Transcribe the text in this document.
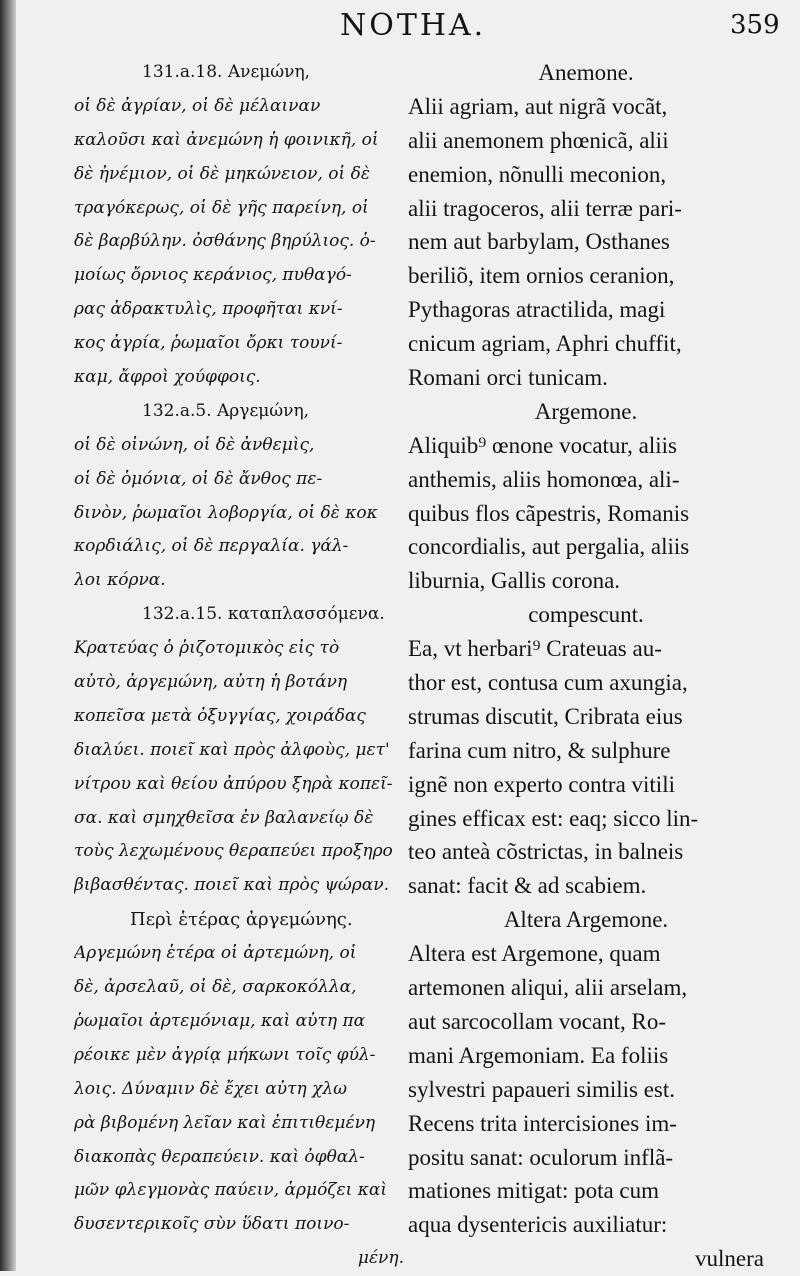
NOTHA.	359
131.a.18. Ανεμώνη,
οἱ δὲ ἀγρίαν, οἱ δὲ μέλαιναν
καλοῦσι καὶ ἀνεμώνη ἡ φοινικῆ, οἱ
δὲ ἠνέμιον, οἱ δὲ μηκώνειον, οἱ δὲ
τραγόκερως, οἱ δὲ γῆς παρείνη, οἱ
δὲ βαρβύλην. ὀσθάνης βηρύλιος. ὁ-
μοίως ὄρνιος κεράνιος, πυθαγό-
ρας ἀδρακτυλὶς, προφῆται κνί-
κος ἀγρία, ῥωμαῖοι ὄρκι τουνί-
καμ, ἄφροὶ χούφφοις.
132.a.5. Αργεμώνη,
οἱ δὲ οἰνώνη, οἱ δὲ ἀνθεμὶς,
οἱ δὲ ὁμόνια, οἱ δὲ ἄνθος πε-
δινὸν, ῥωμαῖοι λοβοργία, οἱ δὲ κοκ
κορδιάλις, οἱ δὲ περγαλία. γάλ-
λοι κόρνα.
132.a.15. καταπλασσόμενα.
Κρατεύας ὁ ῥιζοτομικὸς εἰς τὸ
αὐτὸ, ἀργεμώνη, αὐτη ἡ βοτάνη
κοπεῖσα μετὰ ὀξυγγίας, χοιράδας
διαλύει. ποιεῖ καὶ πρὸς ἀλφοὺς, μετ'
νίτρου καὶ θείου ἀπύρου ξηρὰ κοπεῖ-
σα. καὶ σμηχθεῖσα ἐν βαλανείῳ δὲ
τοὺς λεχωμένους θεραπεύει προξηρο
βιβασθέντας. ποιεῖ καὶ πρὸς ψώραν.
Περὶ ἑτέρας ἀργεμώνης.
Αργεμώνη ἑτέρα οἱ ἀρτεμώνη, οἱ
δὲ, ἀρσελαῦ, οἱ δὲ, σαρκοκόλλα,
ῥωμαῖοι ἀρτεμόνιαμ, καὶ αὐτη πα
ρέοικε μὲν ἀγρίᾳ μήκωνι τοῖς φύλ-
λοις. Δύναμιν δὲ ἔχει αὐτη χλω
ρὰ βιβομένη λεῖαν καὶ ἐπιτιθεμένη
διακοπὰς θεραπεύειν. καὶ ὀφθαλ-
μῶν φλεγμονὰς παύειν, ἁρμόζει καὶ
δυσεντερικοῖς σὺν ὕδατι ποινο-
μένη.
Anemone.
Alii agriam, aut nigrã vocãt,
alii anemonem phœnicã, alii
enemion, nõnulli meconion,
alii tragoceros, alii terræ pari-
nem aut barbylam, Osthanes
beriliõ, item ornios ceranion,
Pythagoras atractilida, magi
cnicum agriam, Aphri chuffit,
Romani orci tunicam.
Argemone.
Aliquib⁹ œnone vocatur, aliis
anthemis, aliis homonœa, ali-
quibus flos cãpestris, Romanis
concordialis, aut pergalia, aliis
liburnia, Gallis corona.
compescunt.
Ea, vt herbari⁹ Crateuas au-
thor est, contusa cum axungia,
strumas discutit, Cribrata eius
farina cum nitro, & sulphure
ignẽ non experto contra vitili
gines efficax est: eaq; sicco lin-
teo anteà cõstrictas, in balneis
sanat: facit & ad scabiem.
Altera Argemone.
Altera est Argemone, quam
artemonen aliqui, alii arselam,
aut sarcocollam vocant, Ro-
mani Argemoniam. Ea foliis
sylvestri papaueri similis est.
Recens trita intercisiones im-
positu sanat: oculorum inflã-
mationes mitigat: pota cum
aqua dysentericis auxiliatur:
vulnera
